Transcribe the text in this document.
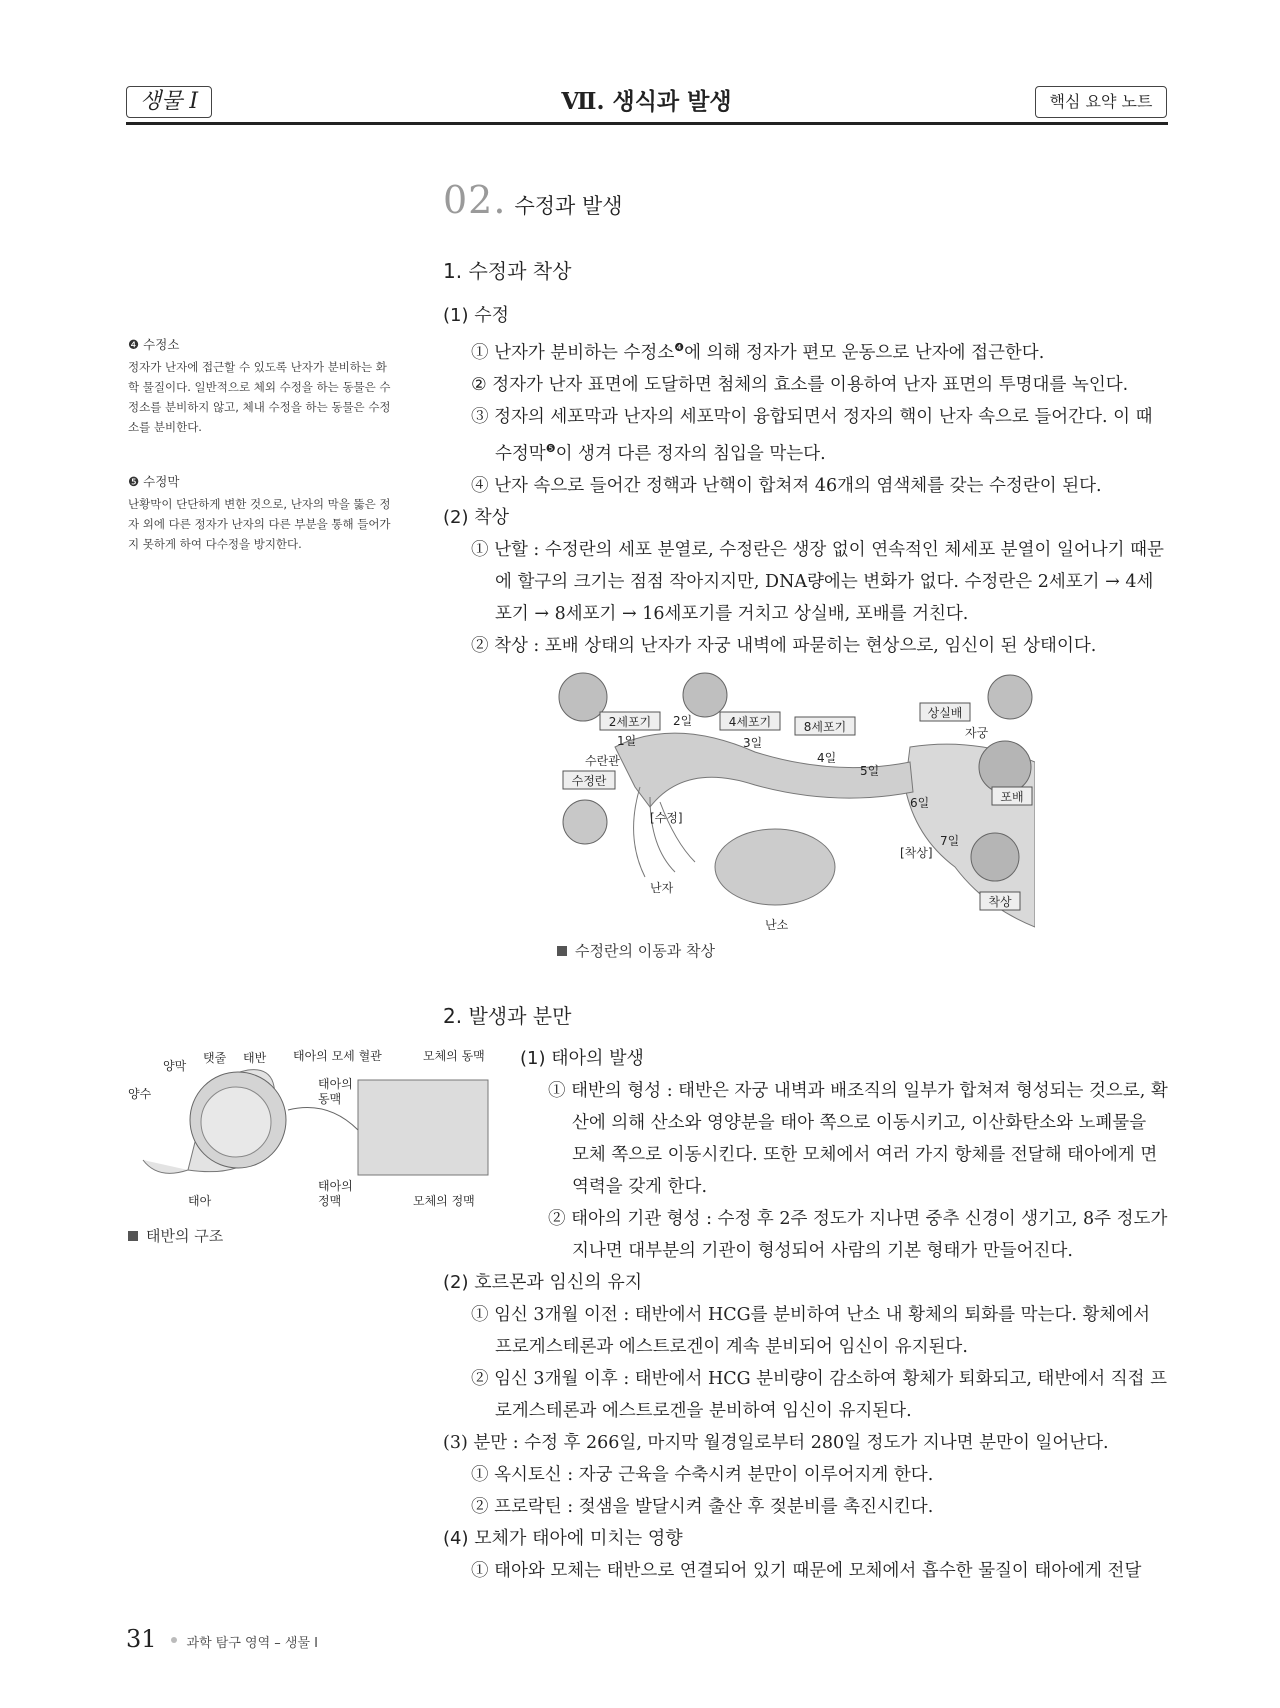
생물 Ⅰ	Ⅶ. 생식과 발생	핵심 요약 노트
02. 수정과 발생
1. 수정과 착상

(1) 수정

① 난자가 분비하는 수정소$^❹$에 의해 정자가 편모 운동으로 난자에 접근한다.

② 정자가 난자 표면에 도달하면 첨체의 효소를 이용하여 난자 표면의 투명대를 녹인다.

③ 정자의 세포막과 난자의 세포막이 융합되면서 정자의 핵이 난자 속으로 들어간다. 이 때 수정막$^❺$이 생겨 다른 정자의 침입을 막는다.

④ 난자 속으로 들어간 정핵과 난핵이 합쳐져 46개의 염색체를 갖는 수정란이 된다.

(2) 착상

① 난할 : 수정란의 세포 분열로, 수정란은 생장 없이 연속적인 체세포 분열이 일어나기 때문에 할구의 크기는 점점 작아지지만, DNA량에는 변화가 없다. 수정란은 2세포기 → 4세포기 → 8세포기 → 16세포기를 거치고 상실배, 포배를 거친다.

② 착상 : 포배 상태의 난자가 자궁 내벽에 파묻히는 현상으로, 임신이 된 상태이다.

❹ 수정소
정자가 난자에 접근할 수 있도록 난자가 분비하는 화학 물질이다. 일반적으로 체외 수정을 하는 동물은 수정소를 분비하지 않고, 체내 수정을 하는 동물은 수정소를 분비한다.
❺ 수정막
난황막이 단단하게 변한 것으로, 난자의 막을 뚫은 정자 외에 다른 정자가 난자의 다른 부분을 통해 들어가지 못하게 하여 다수정을 방지한다.
2세포기	4세포기	8세포기
상실배
수정란
포배
착상
1일
2일
3일
4일
5일
6일
7일
수란관
[수정]
난자
난소
자궁
[착상]
수정란의 이동과 착상
2. 발생과 분만
양막
탯줄 태반
양수
태아
태아의 모세 혈관	모체의 동맥
태아의
동맥
태아의
정맥	모체의 정맥
태반의 구조

(1) 태아의 발생

① 태반의 형성 : 태반은 자궁 내벽과 배조직의 일부가 합쳐져 형성되는 것으로, 확산에 의해 산소와 영양분을 태아 쪽으로 이동시키고, 이산화탄소와 노폐물을 모체 쪽으로 이동시킨다. 또한 모체에서 여러 가지 항체를 전달해 태아에게 면역력을 갖게 한다.

② 태아의 기관 형성 : 수정 후 2주 정도가 지나면 중추 신경이 생기고, 8주 정도가 지나면 대부분의 기관이 형성되어 사람의 기본 형태가 만들어진다.

(2) 호르몬과 임신의 유지

① 임신 3개월 이전 : 태반에서 HCG를 분비하여 난소 내 황체의 퇴화를 막는다. 황체에서 프로게스테론과 에스트로겐이 계속 분비되어 임신이 유지된다.

② 임신 3개월 이후 : 태반에서 HCG 분비량이 감소하여 황체가 퇴화되고, 태반에서 직접 프로게스테론과 에스트로겐을 분비하여 임신이 유지된다.

(3) 분만 : 수정 후 266일, 마지막 월경일로부터 280일 정도가 지나면 분만이 일어난다.

① 옥시토신 : 자궁 근육을 수축시켜 분만이 이루어지게 한다.

② 프로락틴 : 젖샘을 발달시켜 출산 후 젖분비를 촉진시킨다.

(4) 모체가 태아에 미치는 영향

① 태아와 모체는 태반으로 연결되어 있기 때문에 모체에서 흡수한 물질이 태아에게 전달

31 과학 탐구 영역 – 생물 Ⅰ
